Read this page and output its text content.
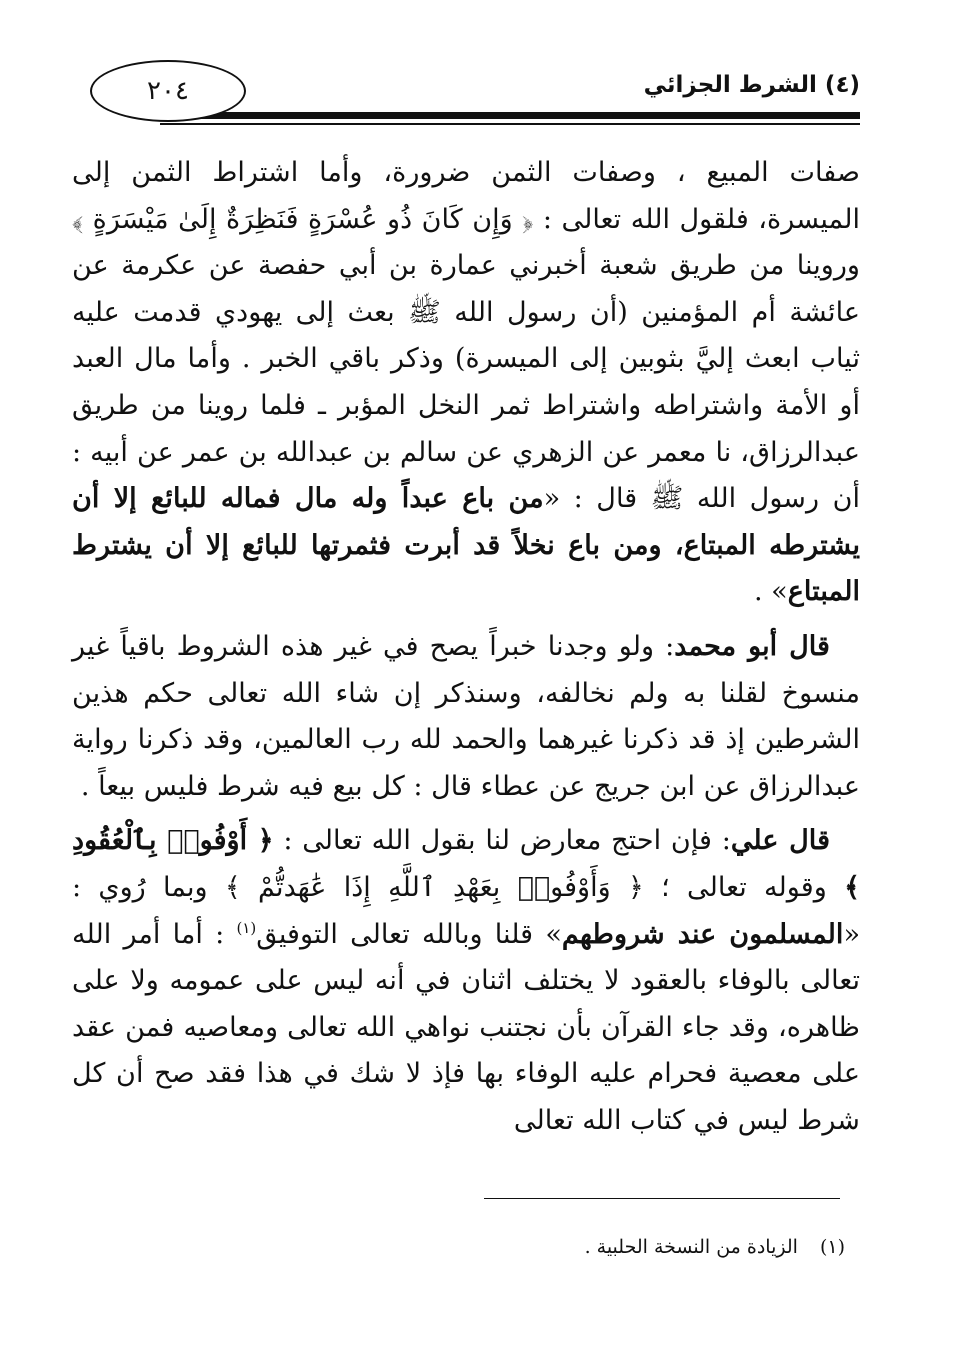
(٤) الشرط الجزائي
٢٠٤

صفات المبيع ، وصفات الثمن ضرورة، وأما اشتراط الثمن إلى الميسرة، فلقول الله تعالى : ﴿ وَإِن كَانَ ذُو عُسْرَةٍ فَنَظِرَةٌ إِلَىٰ مَيْسَرَةٍ ﴾ وروينا من طريق شعبة أخبرني عمارة بن أبي حفصة عن عكرمة عن عائشة أم المؤمنين (أن رسول الله ﷺ بعث إلى يهودي قدمت عليه ثياب ابعث إليَّ بثوبين إلى الميسرة) وذكر باقي الخبر . وأما مال العبد أو الأمة واشتراطه واشتراط ثمر النخل المؤبر ـ فلما روينا من طريق عبدالرزاق، نا معمر عن الزهري عن سالم بن عبدالله بن عمر عن أبيه : أن رسول الله ﷺ قال : «من باع عبداً وله مال فماله للبائع إلا أن يشترطه المبتاع، ومن باع نخلاً قد أبرت فثمرتها للبائع إلا أن يشترط المبتاع» .

قال أبو محمد: ولو وجدنا خبراً يصح في غير هذه الشروط باقياً غير منسوخ لقلنا به ولم نخالفه، وسنذكر إن شاء الله تعالى حكم هذين الشرطين إذ قد ذكرنا غيرهما والحمد لله رب العالمين، وقد ذكرنا رواية عبدالرزاق عن ابن جريج عن عطاء قال : كل بيع فيه شرط فليس بيعاً .

قال علي: فإن احتج معارض لنا بقول الله تعالى : ﴿ أَوْفُوا۟ بِٱلْعُقُودِ ﴾ وقوله تعالى ؛ ﴿ وَأَوْفُوا۟ بِعَهْدِ ٱللَّهِ إِذَا عَٰهَدتُّمْ ﴾ وبما رُوي : «المسلمون عند شروطهم» قلنا وبالله تعالى التوفيق$^{(١)}$ : أما أمر الله تعالى بالوفاء بالعقود لا يختلف اثنان في أنه ليس على عمومه ولا على ظاهره، وقد جاء القرآن بأن نجتنب نواهي الله تعالى ومعاصيه فمن عقد على معصية فحرام عليه الوفاء بها فإذ لا شك في هذا فقد صح أن كل شرط ليس في كتاب الله تعالى

(١)الزيادة من النسخة الحلبية .
